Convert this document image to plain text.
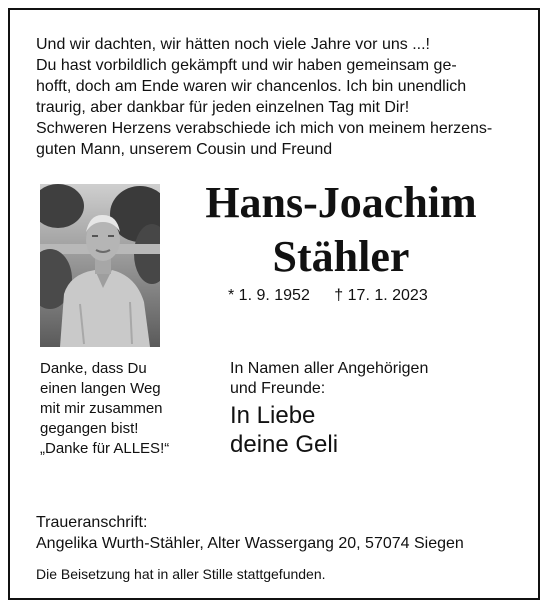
Und wir dachten, wir hätten noch viele Jahre vor uns ...!

Du hast vorbildlich gekämpft und wir haben gemeinsam ge-
hofft, doch am Ende waren wir chancenlos. Ich bin unendlich
traurig, aber dankbar für jeden einzelnen Tag mit Dir!

Schweren Herzens verabschiede ich mich von meinem herzens-
guten Mann, unserem Cousin und Freund

Hans-Joachim
Stähler
* 1. 9. 1952 † 17. 1. 2023
Danke, dass Du
einen langen Weg
mit mir zusammen
gegangen bist!
„Danke für ALLES!“
In Namen aller Angehörigen
und Freunde:
In Liebe
deine Geli
Traueranschrift:
Angelika Wurth-Stähler, Alter Wassergang 20, 57074 Siegen
Die Beisetzung hat in aller Stille stattgefunden.
